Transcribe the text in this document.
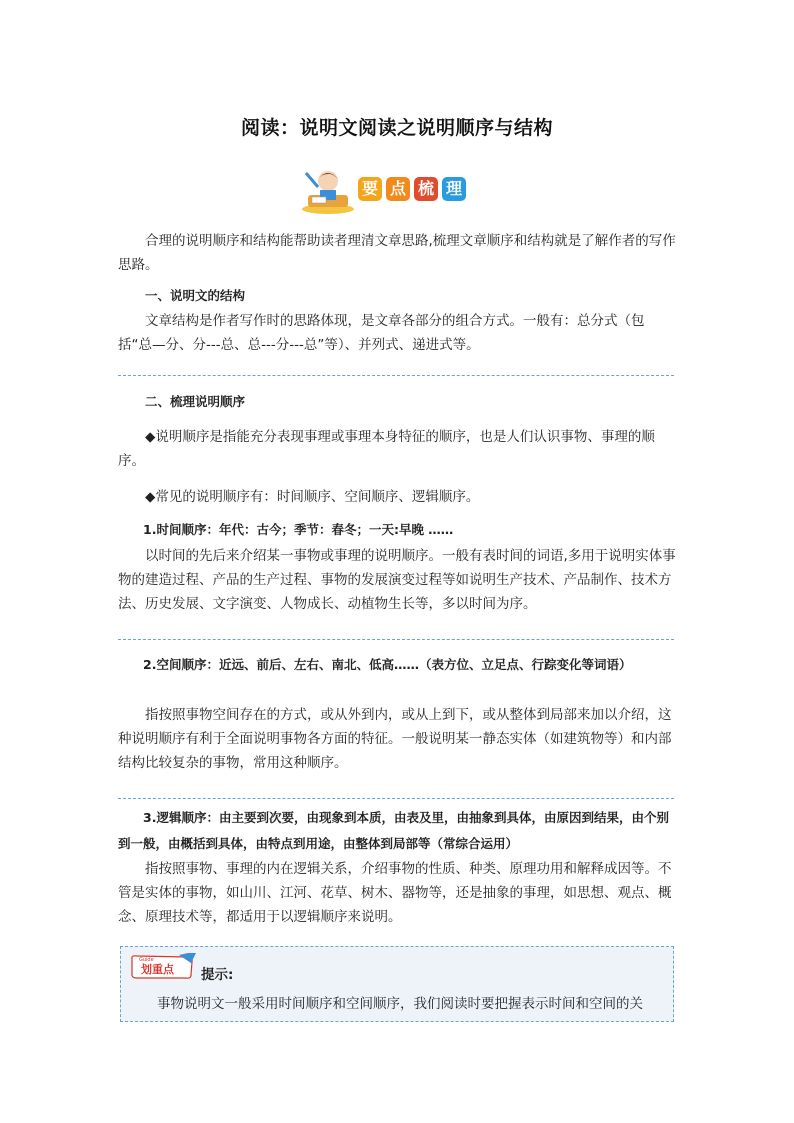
阅读：说明文阅读之说明顺序与结构
要 点 梳 理
合理的说明顺序和结构能帮助读者理清文章思路,梳理文章顺序和结构就是了解作者的写作思路。
一、说明文的结构
文章结构是作者写作时的思路体现，是文章各部分的组合方式。一般有：总分式（包括“总—分、分---总、总---分---总”等）、并列式、递进式等。
二、梳理说明顺序
◆说明顺序是指能充分表现事理或事理本身特征的顺序，也是人们认识事物、事理的顺序。
◆常见的说明顺序有：时间顺序、空间顺序、逻辑顺序。
1.时间顺序：年代：古今；季节：春冬；一天:早晚 ……
以时间的先后来介绍某一事物或事理的说明顺序。一般有表时间的词语,多用于说明实体事物的建造过程、产品的生产过程、事物的发展演变过程等如说明生产技术、产品制作、技术方法、历史发展、文字演变、人物成长、动植物生长等，多以时间为序。
2.空间顺序：近远、前后、左右、南北、低高……（表方位、立足点、行踪变化等词语）
指按照事物空间存在的方式，或从外到内，或从上到下，或从整体到局部来加以介绍，这种说明顺序有利于全面说明事物各方面的特征。一般说明某一静态实体（如建筑物等）和内部结构比较复杂的事物，常用这种顺序。
3.逻辑顺序：由主要到次要，由现象到本质，由表及里，由抽象到具体，由原因到结果，由个别到一般，由概括到具体，由特点到用途，由整体到局部等（常综合运用）
指按照事物、事理的内在逻辑关系，介绍事物的性质、种类、原理功用和解释成因等。不管是实体的事物，如山川、江河、花草、树木、器物等，还是抽象的事理，如思想、观点、概念、原理技术等，都适用于以逻辑顺序来说明。
Guide
划重点 提示:
事物说明文一般采用时间顺序和空间顺序，我们阅读时要把握表示时间和空间的关
